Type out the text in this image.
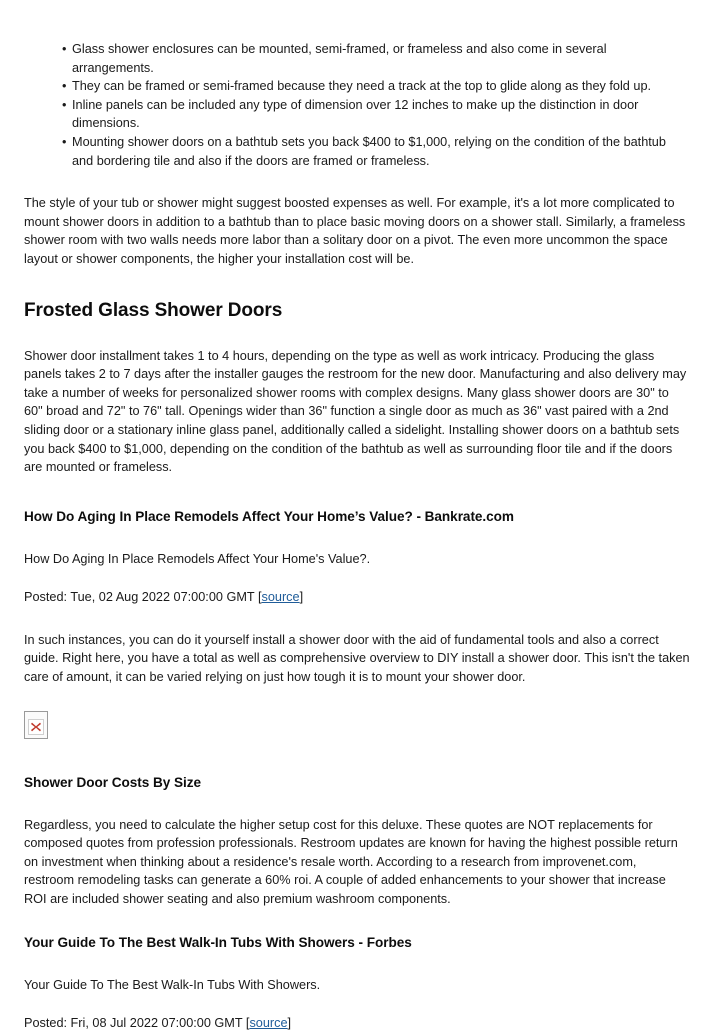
• Glass shower enclosures can be mounted, semi-framed, or frameless and also come in several arrangements.
• They can be framed or semi-framed because they need a track at the top to glide along as they fold up.
• Inline panels can be included any type of dimension over 12 inches to make up the distinction in door dimensions.
• Mounting shower doors on a bathtub sets you back $400 to $1,000, relying on the condition of the bathtub and bordering tile and also if the doors are framed or frameless.

The style of your tub or shower might suggest boosted expenses as well. For example, it's a lot more complicated to mount shower doors in addition to a bathtub than to place basic moving doors on a shower stall. Similarly, a frameless shower room with two walls needs more labor than a solitary door on a pivot. The even more uncommon the space layout or shower components, the higher your installation cost will be.

Frosted Glass Shower Doors

Shower door installment takes 1 to 4 hours, depending on the type as well as work intricacy. Producing the glass panels takes 2 to 7 days after the installer gauges the restroom for the new door. Manufacturing and also delivery may take a number of weeks for personalized shower rooms with complex designs. Many glass shower doors are 30" to 60" broad and 72" to 76" tall. Openings wider than 36" function a single door as much as 36" vast paired with a 2nd sliding door or a stationary inline glass panel, additionally called a sidelight. Installing shower doors on a bathtub sets you back $400 to $1,000, depending on the condition of the bathtub as well as surrounding floor tile and if the doors are mounted or frameless.

How Do Aging In Place Remodels Affect Your Home’s Value? - Bankrate.com

How Do Aging In Place Remodels Affect Your Home's Value?.

Posted: Tue, 02 Aug 2022 07:00:00 GMT [source]

In such instances, you can do it yourself install a shower door with the aid of fundamental tools and also a correct guide. Right here, you have a total as well as comprehensive overview to DIY install a shower door. This isn't the taken care of amount, it can be varied relying on just how tough it is to mount your shower door.

Shower Door Costs By Size

Regardless, you need to calculate the higher setup cost for this deluxe. These quotes are NOT replacements for composed quotes from profession professionals. Restroom updates are known for having the highest possible return on investment when thinking about a residence's resale worth. According to a research from improvenet.com, restroom remodeling tasks can generate a 60% roi. A couple of added enhancements to your shower that increase ROI are included shower seating and also premium washroom components.

Your Guide To The Best Walk-In Tubs With Showers - Forbes

Your Guide To The Best Walk-In Tubs With Showers.

Posted: Fri, 08 Jul 2022 07:00:00 GMT [source]
